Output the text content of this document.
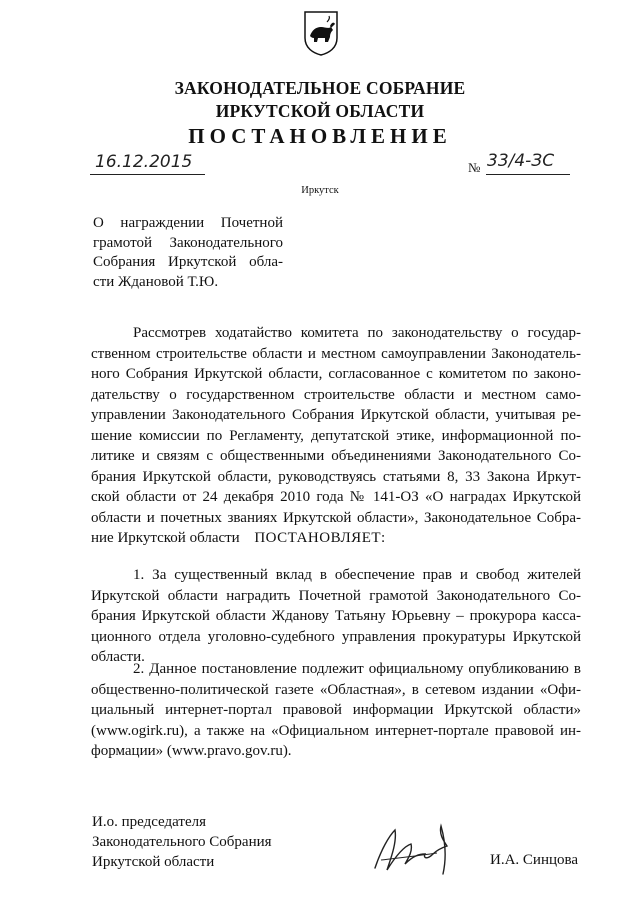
ЗАКОНОДАТЕЛЬНОЕ СОБРАНИЕ
ИРКУТСКОЙ ОБЛАСТИ
ПОСТАНОВЛЕНИЕ
16.12.2015	№ 33/4-ЗС
Иркутск
О награждении Почетной
грамотой Законодательного
Собрания Иркутской обла-
сти Ждановой Т.Ю.
Рассмотрев ходатайство комитета по законодательству о государ-
ственном строительстве области и местном самоуправлении Законодатель-
ного Собрания Иркутской области, согласованное с комитетом по законо-
дательству о государственном строительстве области и местном само-
управлении Законодательного Собрания Иркутской области, учитывая ре-
шение комиссии по Регламенту, депутатской этике, информационной по-
литике и связям с общественными объединениями Законодательного Со-
брания Иркутской области, руководствуясь статьями 8, 33 Закона Иркут-
ской области от 24 декабря 2010 года № 141-ОЗ «О наградах Иркутской
области и почетных званиях Иркутской области», Законодательное Собра-
ние Иркутской области ПОСТАНОВЛЯЕТ:
1. За существенный вклад в обеспечение прав и свобод жителей
Иркутской области наградить Почетной грамотой Законодательного Со-
брания Иркутской области Жданову Татьяну Юрьевну – прокурора касса-
ционного отдела уголовно-судебного управления прокуратуры Иркутской
области.
2. Данное постановление подлежит официальному опубликованию в
общественно-политической газете «Областная», в сетевом издании «Офи-
циальный интернет-портал правовой информации Иркутской области»
(www.ogirk.ru), а также на «Официальном интернет-портале правовой ин-
формации» (www.pravo.gov.ru).
И.о. председателя
Законодательного Собрания
Иркутской области	И.А. Синцова
